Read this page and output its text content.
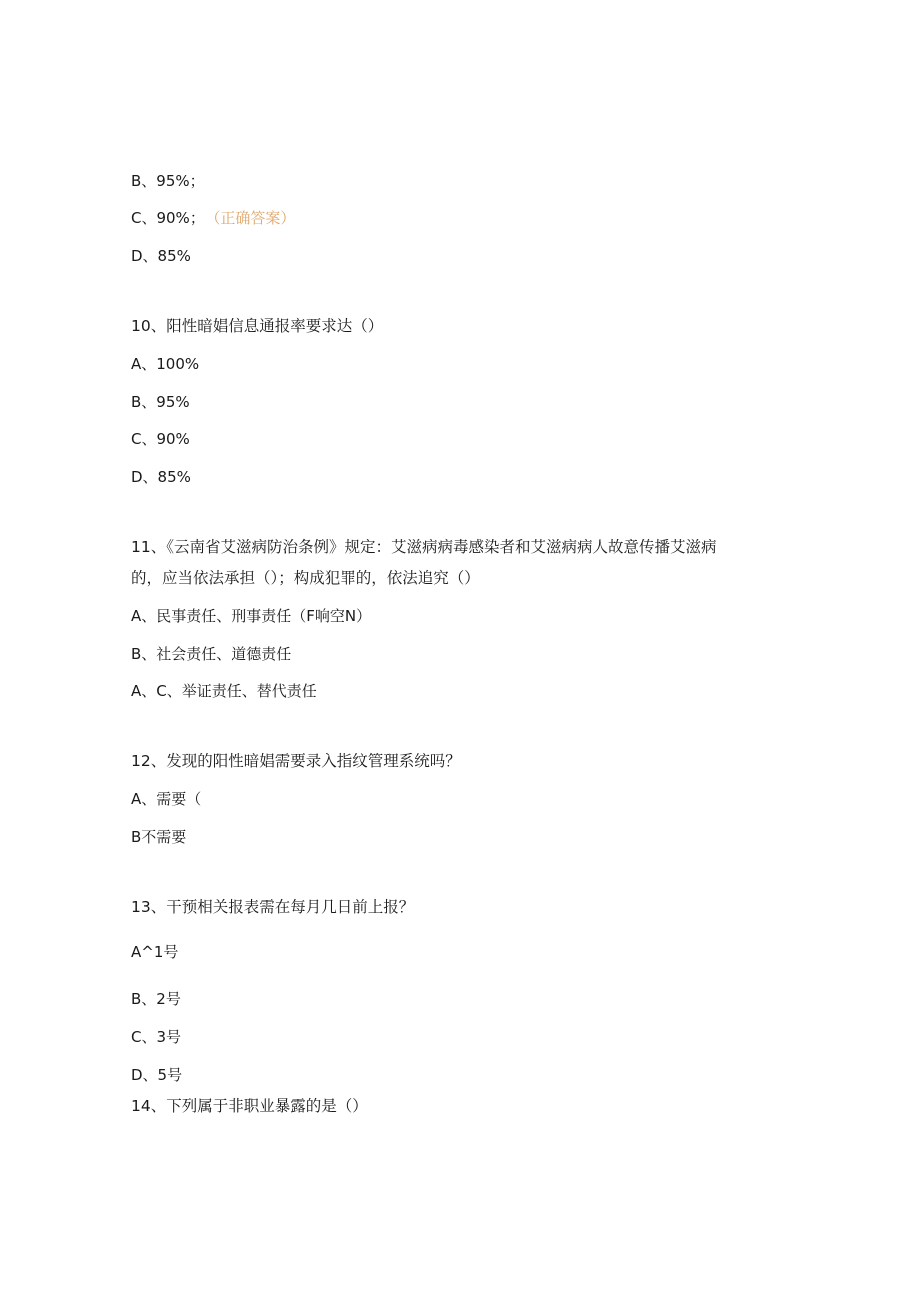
B、95%；
C、90%； （正确答案）
D、85%
10、阳性暗娼信息通报率要求达（）
A、100%
B、95%
C、90%
D、85%
11、《云南省艾滋病防治条例》规定：艾滋病病毒感染者和艾滋病病人故意传播艾滋病
的，应当依法承担（）；构成犯罪的，依法追究（）
A、民事责任、刑事责任（F响空N）
B、社会责任、道德责任
A、C、举证责任、替代责任
12、发现的阳性暗娼需要录入指纹管理系统吗？
A、需要（
B不需要
13、干预相关报表需在每月几日前上报？
A^1号
B、2号
C、3号
D、5号
14、下列属于非职业暴露的是（）
